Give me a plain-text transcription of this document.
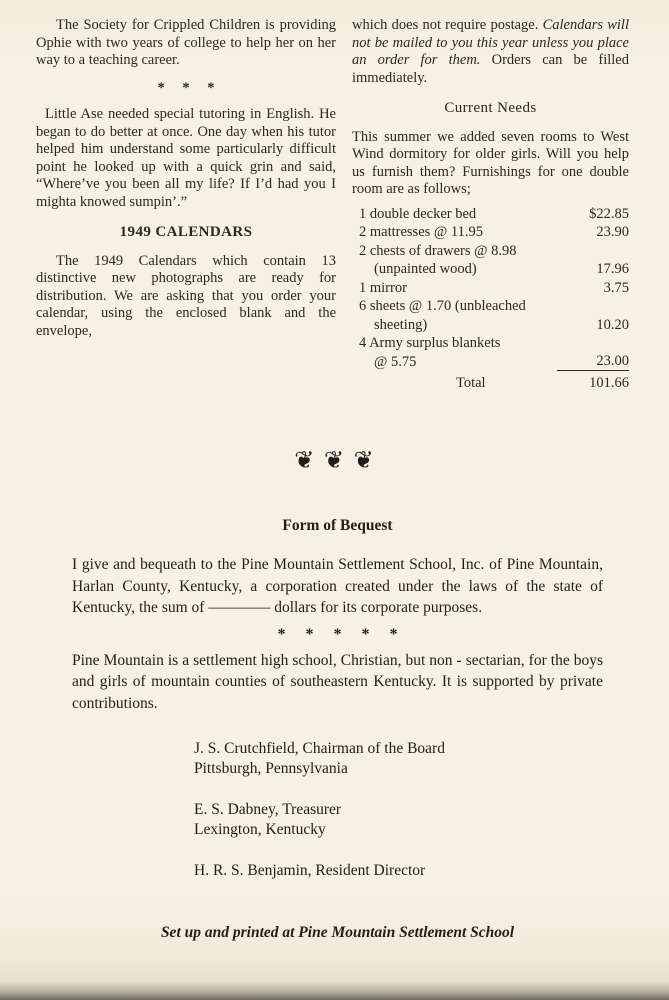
The Society for Crippled Children is providing Ophie with two years of college to help her on her way to a teaching career.

* * *

Little Ase needed special tutoring in English. He began to do better at once. One day when his tutor helped him understand some particularly difficult point he looked up with a quick grin and said, “Where’ve you been all my life? If I’d had you I mighta knowed sumpin’.”

1949 CALENDARS

The 1949 Calendars which contain 13 distinctive new photographs are ready for distribution. We are asking that you order your calendar, using the enclosed blank and the envelope,

which does not require postage. Calendars will not be mailed to you this year unless you place an order for them. Orders can be filled immediately.

Current Needs

This summer we added seven rooms to West Wind dormitory for older girls. Will you help us furnish them? Furnishings for one double room are as follows;

1 double decker bed	$22.85
2 mattresses @ 11.95	23.90
2 chests of drawers @ 8.98
(unpainted wood)	17.96
1 mirror	3.75
6 sheets @ 1.70 (unbleached
sheeting)	10.20
4 Army surplus blankets
@ 5.75	23.00
Total	101.66
❦ ❦ ❦
Form of Bequest

I give and bequeath to the Pine Mountain Settlement School, Inc. of Pine Mountain, Harlan County, Kentucky, a corporation created under the laws of the state of Kentucky, the sum of ———— dollars for its corporate purposes.

* * * * *

Pine Mountain is a settlement high school, Christian, but non - sectarian, for the boys and girls of mountain counties of southeastern Kentucky. It is supported by private contributions.

J. S. Crutchfield, Chairman of the Board
Pittsburgh, Pennsylvania
E. S. Dabney, Treasurer
Lexington, Kentucky
H. R. S. Benjamin, Resident Director
Set up and printed at Pine Mountain Settlement School
